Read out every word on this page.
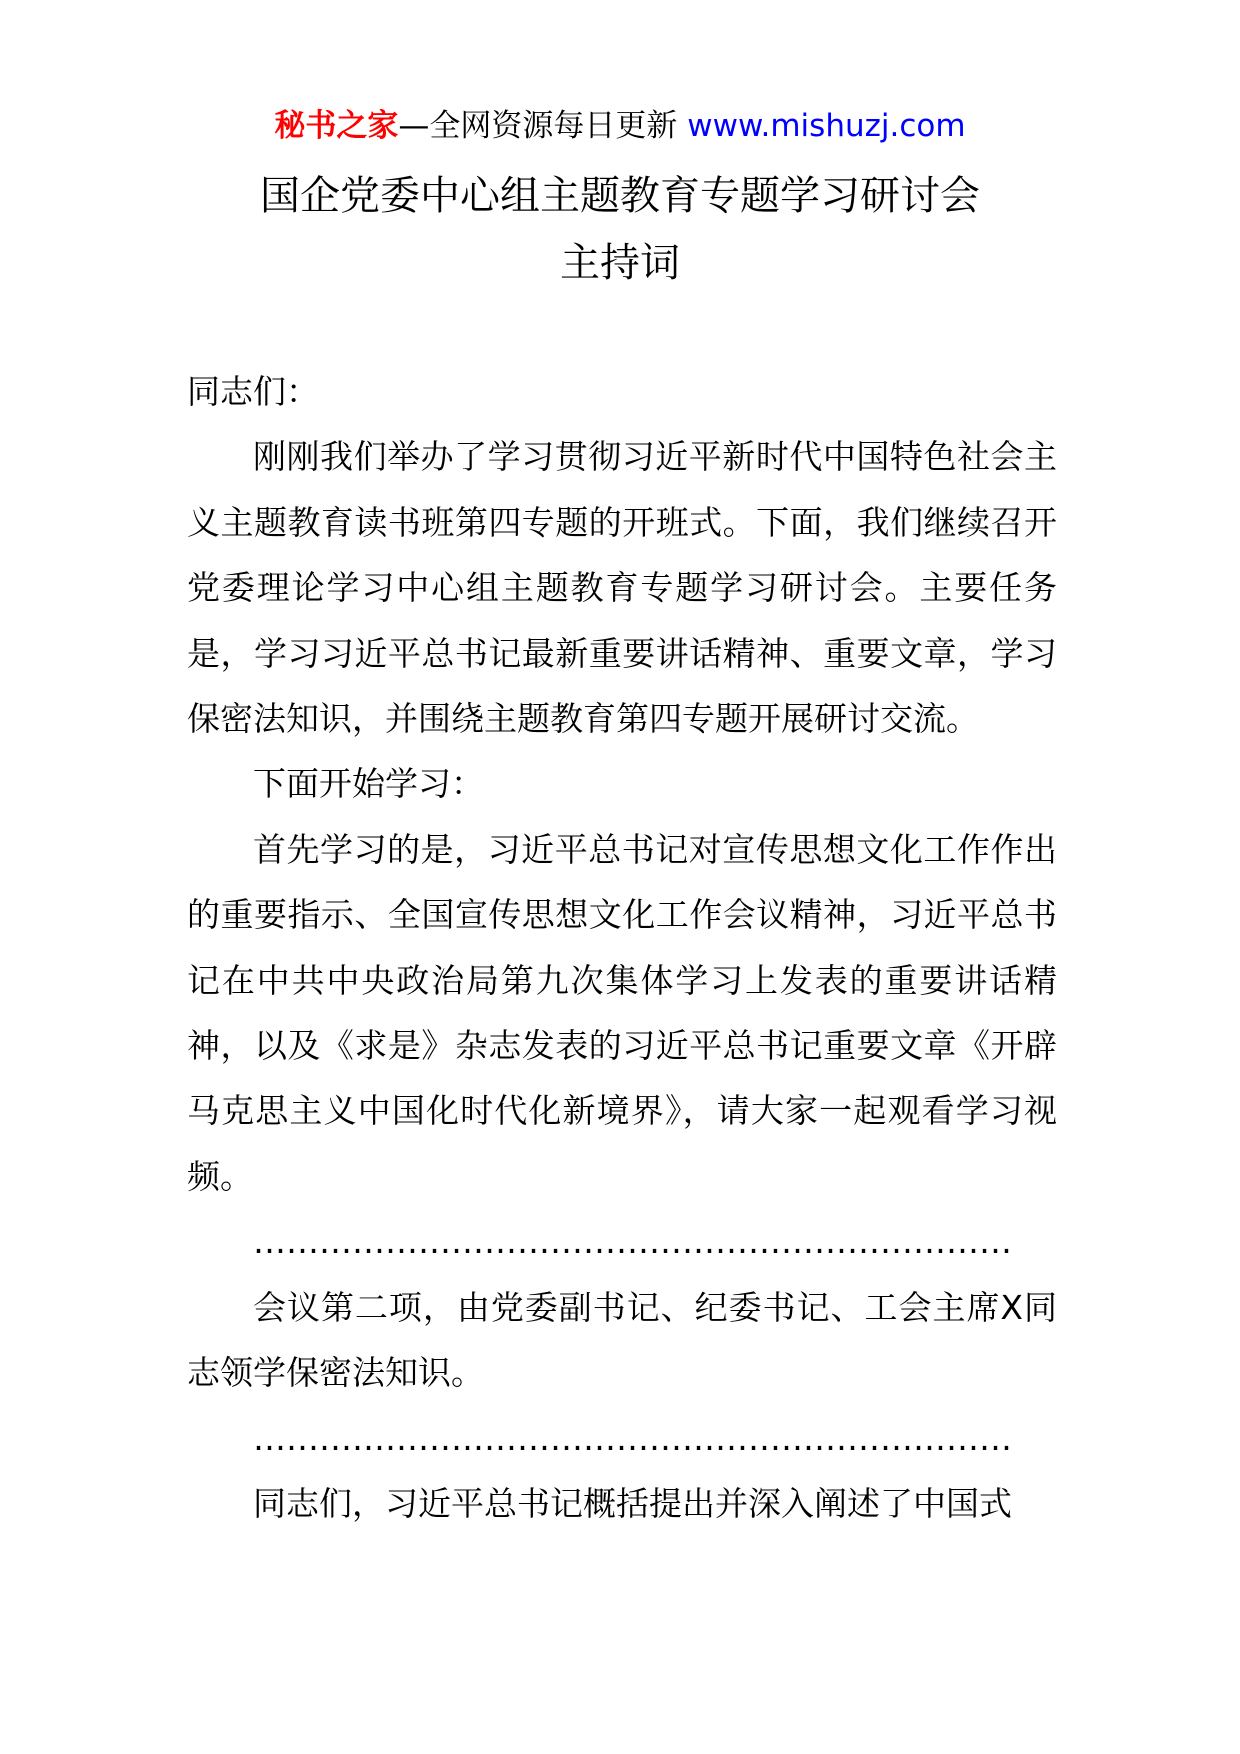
秘书之家—全网资源每日更新 www.mishuzj.com
国企党委中心组主题教育专题学习研讨会
主持词

同志们：

刚刚我们举办了学习贯彻习近平新时代中国特色社会主义主题教育读书班第四专题的开班式。下面，我们继续召开党委理论学习中心组主题教育专题学习研讨会。主要任务是，学习习近平总书记最新重要讲话精神、重要文章，学习保密法知识，并围绕主题教育第四专题开展研讨交流。

下面开始学习：

首先学习的是，习近平总书记对宣传思想文化工作作出的重要指示、全国宣传思想文化工作会议精神，习近平总书记在中共中央政治局第九次集体学习上发表的重要讲话精神，以及《求是》杂志发表的习近平总书记重要文章《开辟马克思主义中国化时代化新境界》，请大家一起观看学习视频。

……………………………………………………………

会议第二项，由党委副书记、纪委书记、工会主席X同志领学保密法知识。

……………………………………………………………

同志们，习近平总书记概括提出并深入阐述了中国式
